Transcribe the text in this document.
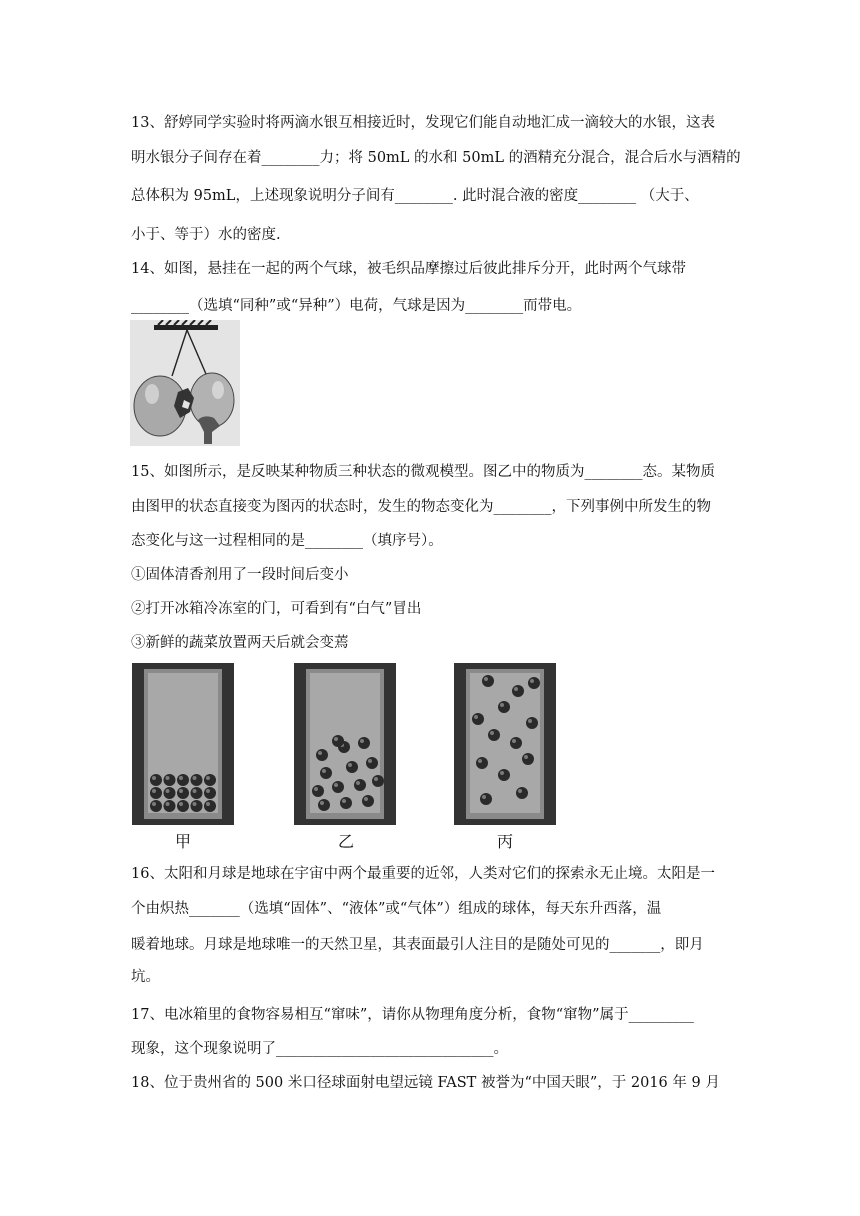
13、舒婷同学实验时将两滴水银互相接近时，发现它们能自动地汇成一滴较大的水银，这表
明水银分子间存在着________力；将 50mL 的水和 50mL 的酒精充分混合，混合后水与酒精的
总体积为 95mL，上述现象说明分子间有________. 此时混合液的密度________ （大于、
小于、等于）水的密度.
14、如图，悬挂在一起的两个气球，被毛织品摩擦过后彼此排斥分开，此时两个气球带
________（选填“同种”或“异种”）电荷，气球是因为________而带电。
15、如图所示，是反映某种物质三种状态的微观模型。图乙中的物质为________态。某物质
由图甲的状态直接变为图丙的状态时，发生的物态变化为________，下列事例中所发生的物
态变化与这一过程相同的是________（填序号）。
①固体清香剂用了一段时间后变小
②打开冰箱冷冻室的门，可看到有“白气”冒出
③新鲜的蔬菜放置两天后就会变蔫
甲	乙	丙
16、太阳和月球是地球在宇宙中两个最重要的近邻，人类对它们的探索永无止境。太阳是一
个由炽热_______（选填“固体”、“液体”或“气体”）组成的球体，每天东升西落，温
暖着地球。月球是地球唯一的天然卫星，其表面最引人注目的是随处可见的_______，即月
坑。
17、电冰箱里的食物容易相互“窜味”，请你从物理角度分析，食物“窜物”属于_________
现象，这个现象说明了______________________________。
18、位于贵州省的 500 米口径球面射电望远镜 FAST 被誉为“中国天眼”，于 2016 年 9 月
